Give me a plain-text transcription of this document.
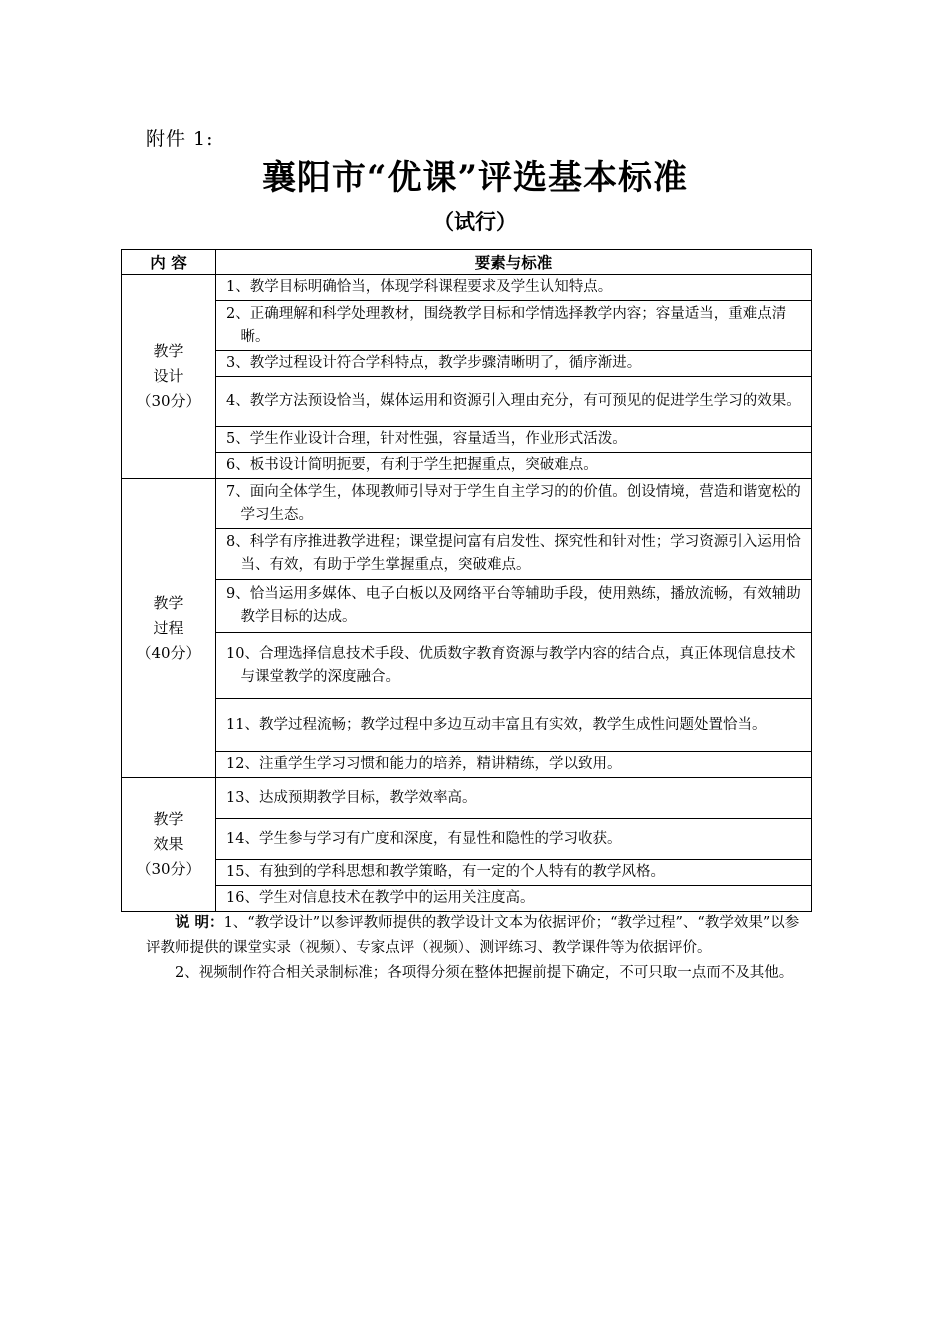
附件 1:
襄阳市“优课”评选基本标准
（试行）
内 容	要素与标准

教学
设计
（30分）	1、教学目标明确恰当，体现学科课程要求及学生认知特点。
	2、正确理解和科学处理教材，围绕教学目标和学情选择教学内容；容量适当，重难点清晰。
	3、教学过程设计符合学科特点，教学步骤清晰明了，循序渐进。
	4、教学方法预设恰当，媒体运用和资源引入理由充分，有可预见的促进学生学习的效果。
	5、学生作业设计合理，针对性强，容量适当，作业形式活泼。
	6、板书设计简明扼要，有利于学生把握重点，突破难点。

教学
过程
（40分）	7、面向全体学生，体现教师引导对于学生自主学习的的价值。创设情境，营造和谐宽松的学习生态。
	8、科学有序推进教学进程；课堂提问富有启发性、探究性和针对性；学习资源引入运用恰当、有效，有助于学生掌握重点，突破难点。
	9、恰当运用多媒体、电子白板以及网络平台等辅助手段，使用熟练，播放流畅，有效辅助教学目标的达成。
	10、合理选择信息技术手段、优质数字教育资源与教学内容的结合点，真正体现信息技术与课堂教学的深度融合。
	11、教学过程流畅；教学过程中多边互动丰富且有实效，教学生成性问题处置恰当。
	12、注重学生学习习惯和能力的培养，精讲精练，学以致用。

教学
效果
（30分）	13、达成预期教学目标，教学效率高。
	14、学生参与学习有广度和深度，有显性和隐性的学习收获。
	15、有独到的学科思想和教学策略，有一定的个人特有的教学风格。
	16、学生对信息技术在教学中的运用关注度高。

说 明：1、“教学设计”以参评教师提供的教学设计文本为依据评价；“教学过程”、“教学效果”以参评教师提供的课堂实录（视频）、专家点评（视频）、测评练习、教学课件等为依据评价。

2、视频制作符合相关录制标准；各项得分须在整体把握前提下确定，不可只取一点而不及其他。
